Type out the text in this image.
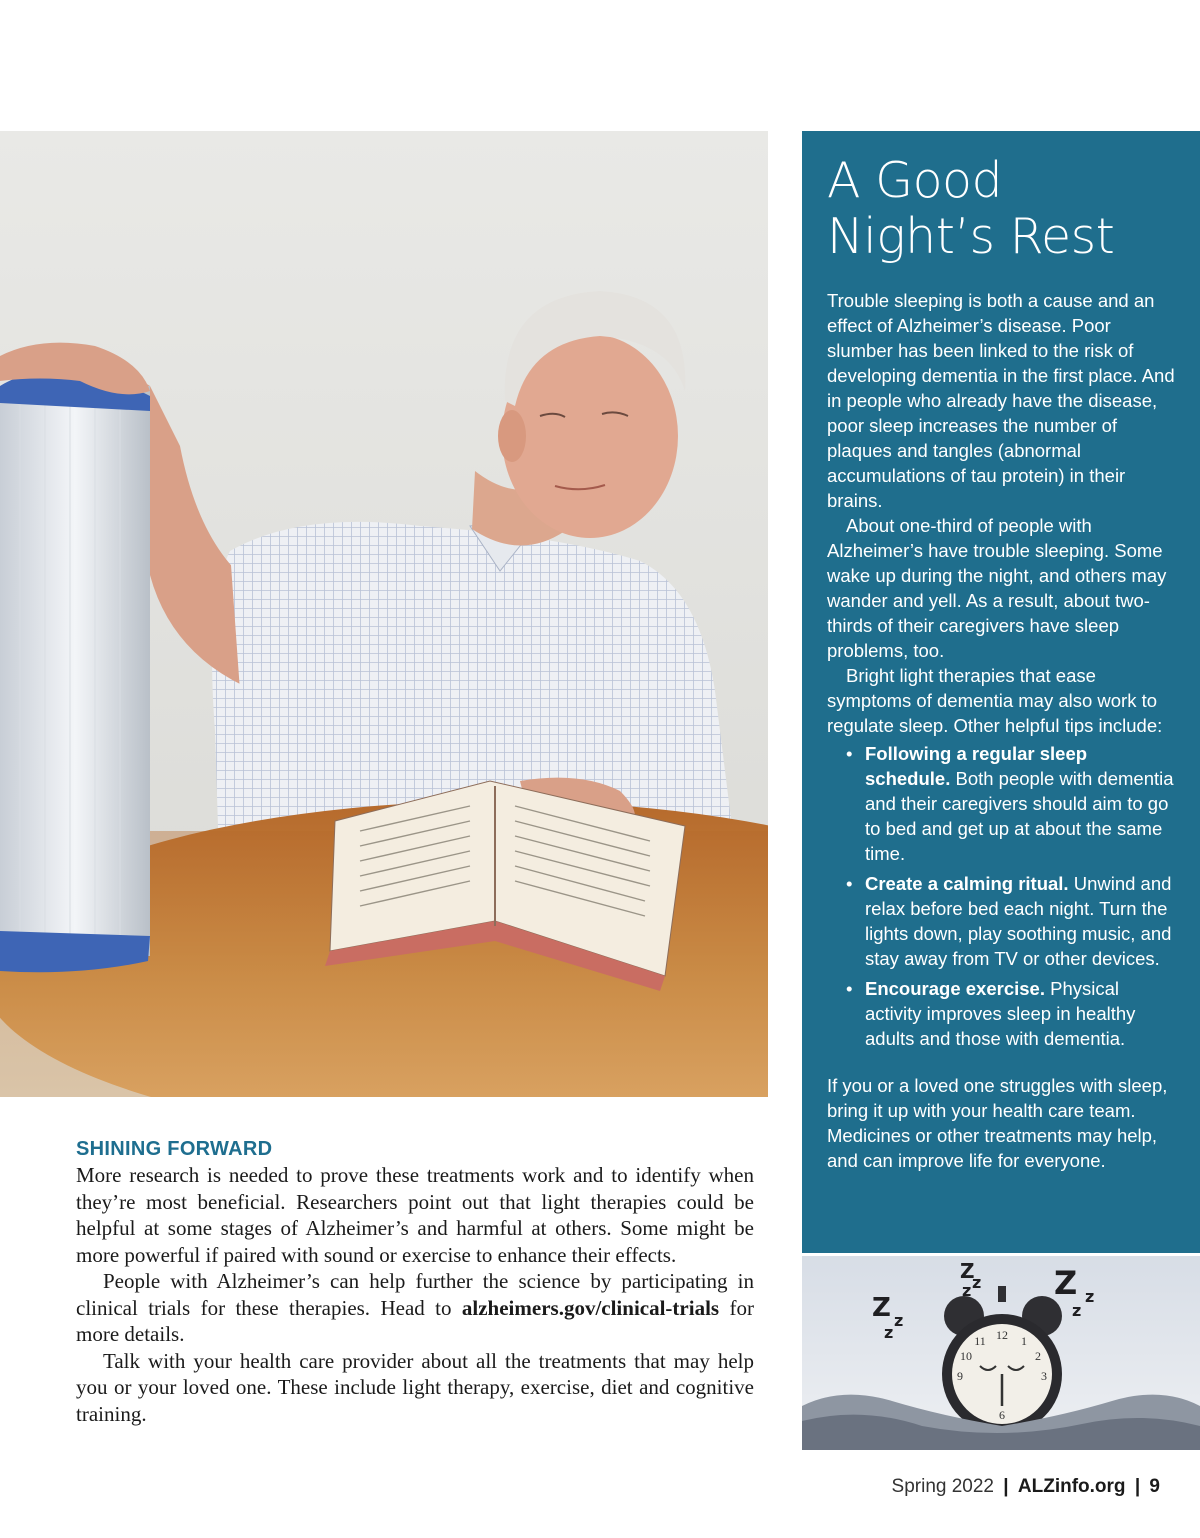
A Good
Night’s Rest

Trouble sleeping is both a cause and an effect of Alzheimer’s disease. Poor slumber has been linked to the risk of developing dementia in the first place. And in people who already have the disease, poor sleep increases the number of plaques and tangles (abnormal accumulations of tau protein) in their brains.

About one-third of people with Alzheimer’s have trouble sleeping. Some wake up during the night, and others may wander and yell. As a result, about two-thirds of their caregivers have sleep problems, too.

Bright light therapies that ease symptoms of dementia may also work to regulate sleep. Other helpful tips include:

• Following a regular sleep schedule. Both people with dementia and their caregivers should aim to go to bed and get up at about the same time.
• Create a calming ritual. Unwind and relax before bed each night. Turn the lights down, play soothing music, and stay away from TV or other devices.
• Encourage exercise. Physical activity improves sleep in healthy adults and those with dementia.

If you or a loved one struggles with sleep, bring it up with your health care team. Medicines or other treatments may help, and can improve life for everyone.

12 1
2
3
9
10
11
6
Z
Z Z
z
z
z
z	z
z
SHINING FORWARD

More research is needed to prove these treatments work and to identify when they’re most beneficial. Researchers point out that light therapies could be helpful at some stages of Alzheimer’s and harmful at others. Some might be more powerful if paired with sound or exercise to enhance their effects.

People with Alzheimer’s can help further the science by participating in clinical trials for these therapies. Head to alzheimers.gov/clinical-trials for more details.

Talk with your health care provider about all the treatments that may help you or your loved one. These include light therapy, exercise, diet and cognitive training.

Spring 2022 | ALZinfo.org | 9
